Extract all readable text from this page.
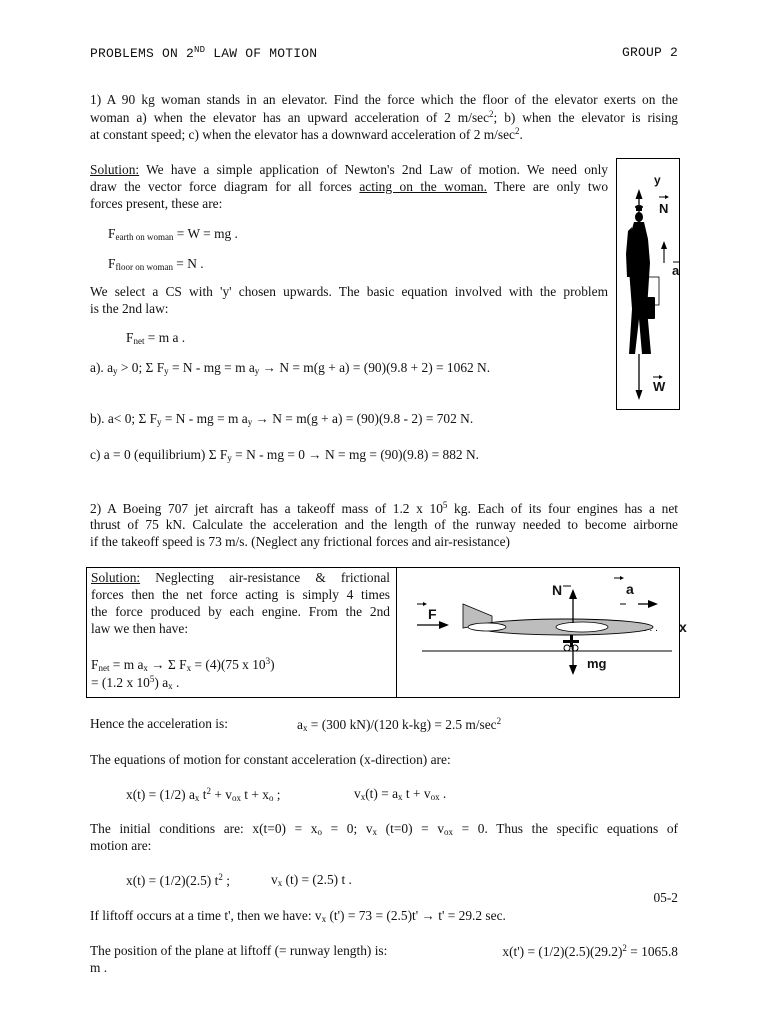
PROBLEMS ON 2ND LAW OF MOTION	GROUP 2
1) A 90 kg woman stands in an elevator. Find the force which the floor of the elevator exerts on the
woman a) when the elevator has an upward acceleration of 2 $m/\sec^2$; b) when the elevator is rising
at constant speed; c) when the elevator has a downward acceleration of 2 $m/\sec^2$.
Solution: We have a simple application of Newton's 2nd Law of motion. We need only
draw the vector force diagram for all forces acting on the woman. There are only two
forces present, these are:
$F_{earth on woman} = W$ = mg .
$F_{floor on woman} = N$ .
We select a CS with 'y' chosen upwards. The basic equation involved with the problem
is the 2nd law:
$F_{net} = m$ a .
a). $a_y > 0$; Σ $F_y = N$ - mg = m $a_y \to N = m(g + a) = (90)(9.8 + 2) = 1062$ N.
b). a< 0; Σ $F_y = N$ - mg = m $a_y \to N = m(g + a) = (90)(9.8 - 2) = 702$ N.
c) a = 0 (equilibrium) Σ $F_y = N$ - mg = 0 → N = mg = (90)(9.8) = 882 N.
y
N
a
W
2) A Boeing 707 jet aircraft has a takeoff mass of 1.2 x $10^5$ kg. Each of its four engines has a net
thrust of 75 kN. Calculate the acceleration and the length of the runway needed to become airborne
if the takeoff speed is 73 m/s. (Neglect any frictional forces and air-resistance)
Solution: Neglecting air-resistance & frictional
forces then the net force acting is simply 4 times
the force produced by each engine. From the 2nd
law we then have:
$F_{net} = m$ $a_x \to \Sigma$ $F_x = (4)(75$ x $10^3$)
= (1.2 x $10^5$) $a_x$ .
. . .
N	a
F
x
mg
Hence the acceleration is:	$a_x = (300$ kN)/(120 k-kg) = 2.5 $m/\sec^2$
The equations of motion for constant acceleration (x-direction) are:
x(t) = (1/2) $a_x$ $t^2 + v_{ox}$ $t + x_o$ ;	$v_x(t) = a_x$ $t + v_{ox}$ .
The initial conditions are: $x(t=0) = x_o = 0$; $v_x$ $(t=0) = v_{ox} = 0$. Thus the specific equations of
motion are:
x(t) = (1/2)(2.5) $t^2$ ;	$v_x$ (t) = (2.5) t .
05-2
If liftoff occurs at a time t', then we have: $v_x$ (t') = 73 = (2.5)t' → t' = 29.2 sec.
The position of the plane at liftoff (= runway length) is:	$x(t') = (1/2)(2.5)(29.2)^2 = 1065.8$
m .
